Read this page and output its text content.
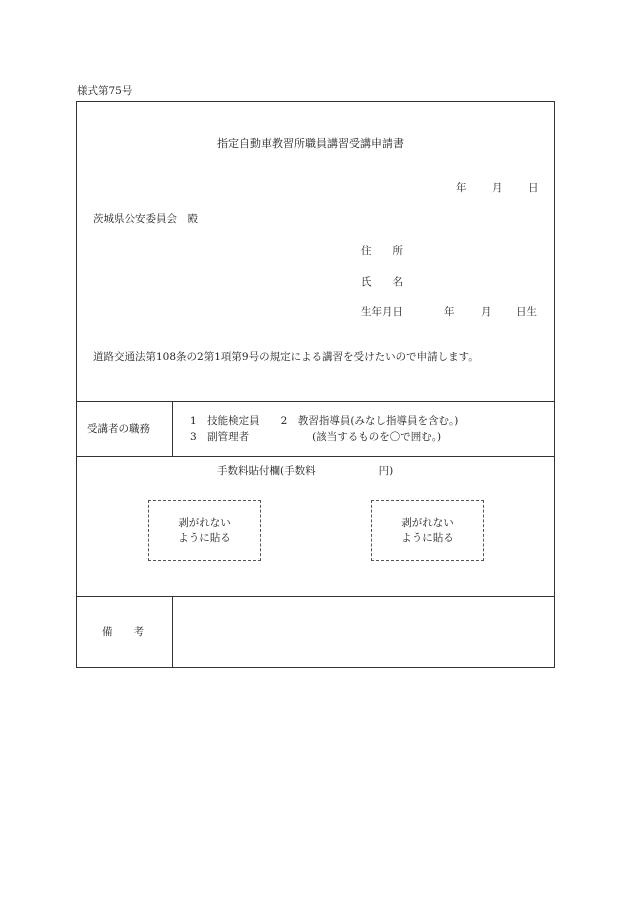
様式第75号
指定自動車教習所職員講習受講申請書
年 月 日
茨城県公安委員会　殿
住　　所
氏　　名
生年月日	年	月 日生
道路交通法第108条の2第1項第9号の規定による講習を受けたいので申請します。
受講者の職務
1　技能検定員　　2　教習指導員(みなし指導員を含む。)
3　副管理者　　　　　　(該当するものを〇で囲む。)
手数料貼付欄(手数料　　　　　　円)
剥がれない
ように貼る
剥がれない
ように貼る
備　　考
